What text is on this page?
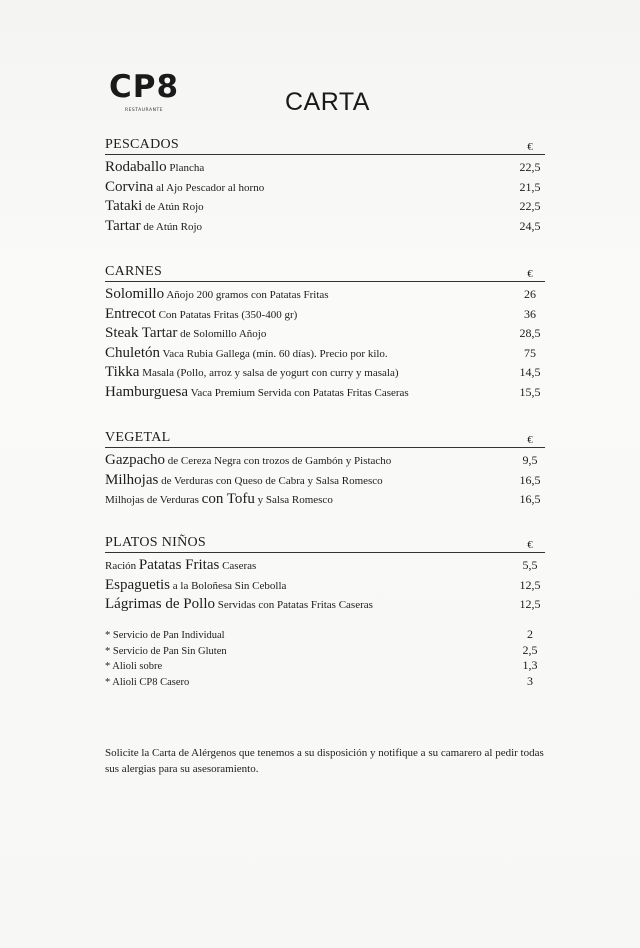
CP8
RESTAURANTE	CARTA
PESCADOS	€
Rodaballo Plancha	22,5
Corvina al Ajo Pescador al horno	21,5
Tataki de Atún Rojo	22,5
Tartar de Atún Rojo	24,5
CARNES	€
Solomillo Añojo 200 gramos con Patatas Fritas	26
Entrecot Con Patatas Fritas (350-400 gr)	36
Steak Tartar de Solomillo Añojo	28,5
Chuletón Vaca Rubia Gallega (mín. 60 días). Precio por kilo.	75
Tikka Masala (Pollo, arroz y salsa de yogurt con curry y masala)	14,5
Hamburguesa Vaca Premium Servida con Patatas Fritas Caseras	15,5
VEGETAL	€
Gazpacho de Cereza Negra con trozos de Gambón y Pistacho	9,5
Milhojas de Verduras con Queso de Cabra y Salsa Romesco	16,5
Milhojas de Verduras con Tofu y Salsa Romesco	16,5
PLATOS NIÑOS	€
Ración Patatas Fritas Caseras	5,5
Espaguetis a la Boloñesa Sin Cebolla	12,5
Lágrimas de Pollo Servidas con Patatas Fritas Caseras	12,5
* Servicio de Pan Individual	2
* Servicio de Pan Sin Gluten	2,5
* Alioli sobre	1,3
* Alioli CP8 Casero	3
Solicite la Carta de Alérgenos que tenemos a su disposición y notifique a su camarero al pedir todas sus alergias para su asesoramiento.
